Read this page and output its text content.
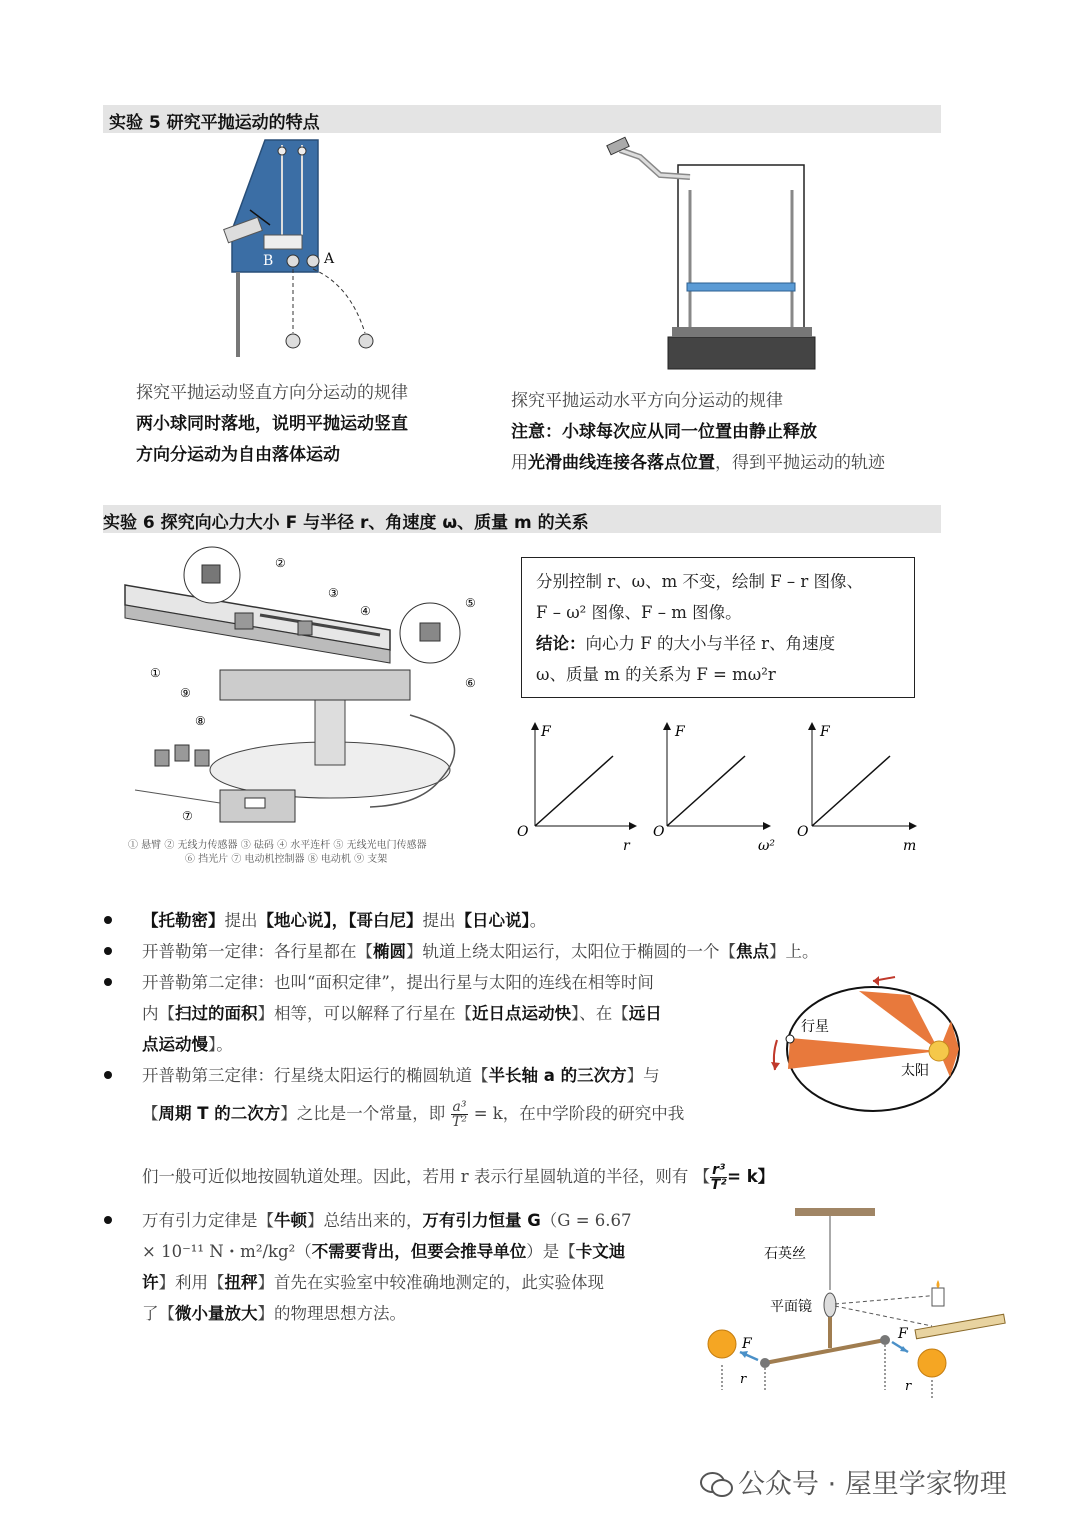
实验 5 研究平抛运动的特点
B	A
探究平抛运动竖直方向分运动的规律
两小球同时落地，说明平抛运动竖直
方向分运动为自由落体运动
探究平抛运动水平方向分运动的规律
注意：小球每次应从同一位置由静止释放
用光滑曲线连接各落点位置，得到平抛运动的轨迹
实验 6 探究向心力大小 F 与半径 r、角速度 ω、质量 m 的关系
②
③
④
⑤
⑥
①
⑨
⑧
⑦
① 悬臂 ② 无线力传感器 ③ 砝码 ④ 水平连杆 ⑤ 无线光电门传感器
⑥ 挡光片 ⑦ 电动机控制器 ⑧ 电动机 ⑨ 支架
分别控制 r、ω、m 不变，绘制 F – r 图像、
F – ω² 图像、F – m 图像。
结论：向心力 F 的大小与半径 r、角速度
ω、质量 m 的关系为 F = mω²r
F
O
r
F
O
ω²
F
O
m
【托勒密】提出【地心说】，【哥白尼】提出【日心说】。
开普勒第一定律：各行星都在【椭圆】轨道上绕太阳运行，太阳位于椭圆的一个【焦点】上。
开普勒第二定律：也叫“面积定律”，提出行星与太阳的连线在相等时间
内【扫过的面积】相等，可以解释了行星在【近日点运动快】、在【远日
点运动慢】。
开普勒第三定律：行星绕太阳运行的椭圆轨道【半长轴 a 的三次方】与
【周期 T 的二次方】之比是一个常量，即 $\frac{\text{a³}}{\text{T²}} = k$，在中学阶段的研究中我
们一般可近似地按圆轨道处理。因此，若用 r 表示行星圆轨道的半径，则有 【 $\frac{\text{r³}}{\text{T²}} = k$】
行星
太阳
万有引力定律是【牛顿】总结出来的，万有引力恒量 G（G = 6.67
× 10⁻¹¹ N・m²/kg²（不需要背出，但要会推导单位）是【卡文迪
许】利用【扭秤】首先在实验室中较准确地测定的，此实验体现
了【微小量放大】的物理思想方法。
F
F
r	r
石英丝
平面镜
公众号 · 屋里学家物理
